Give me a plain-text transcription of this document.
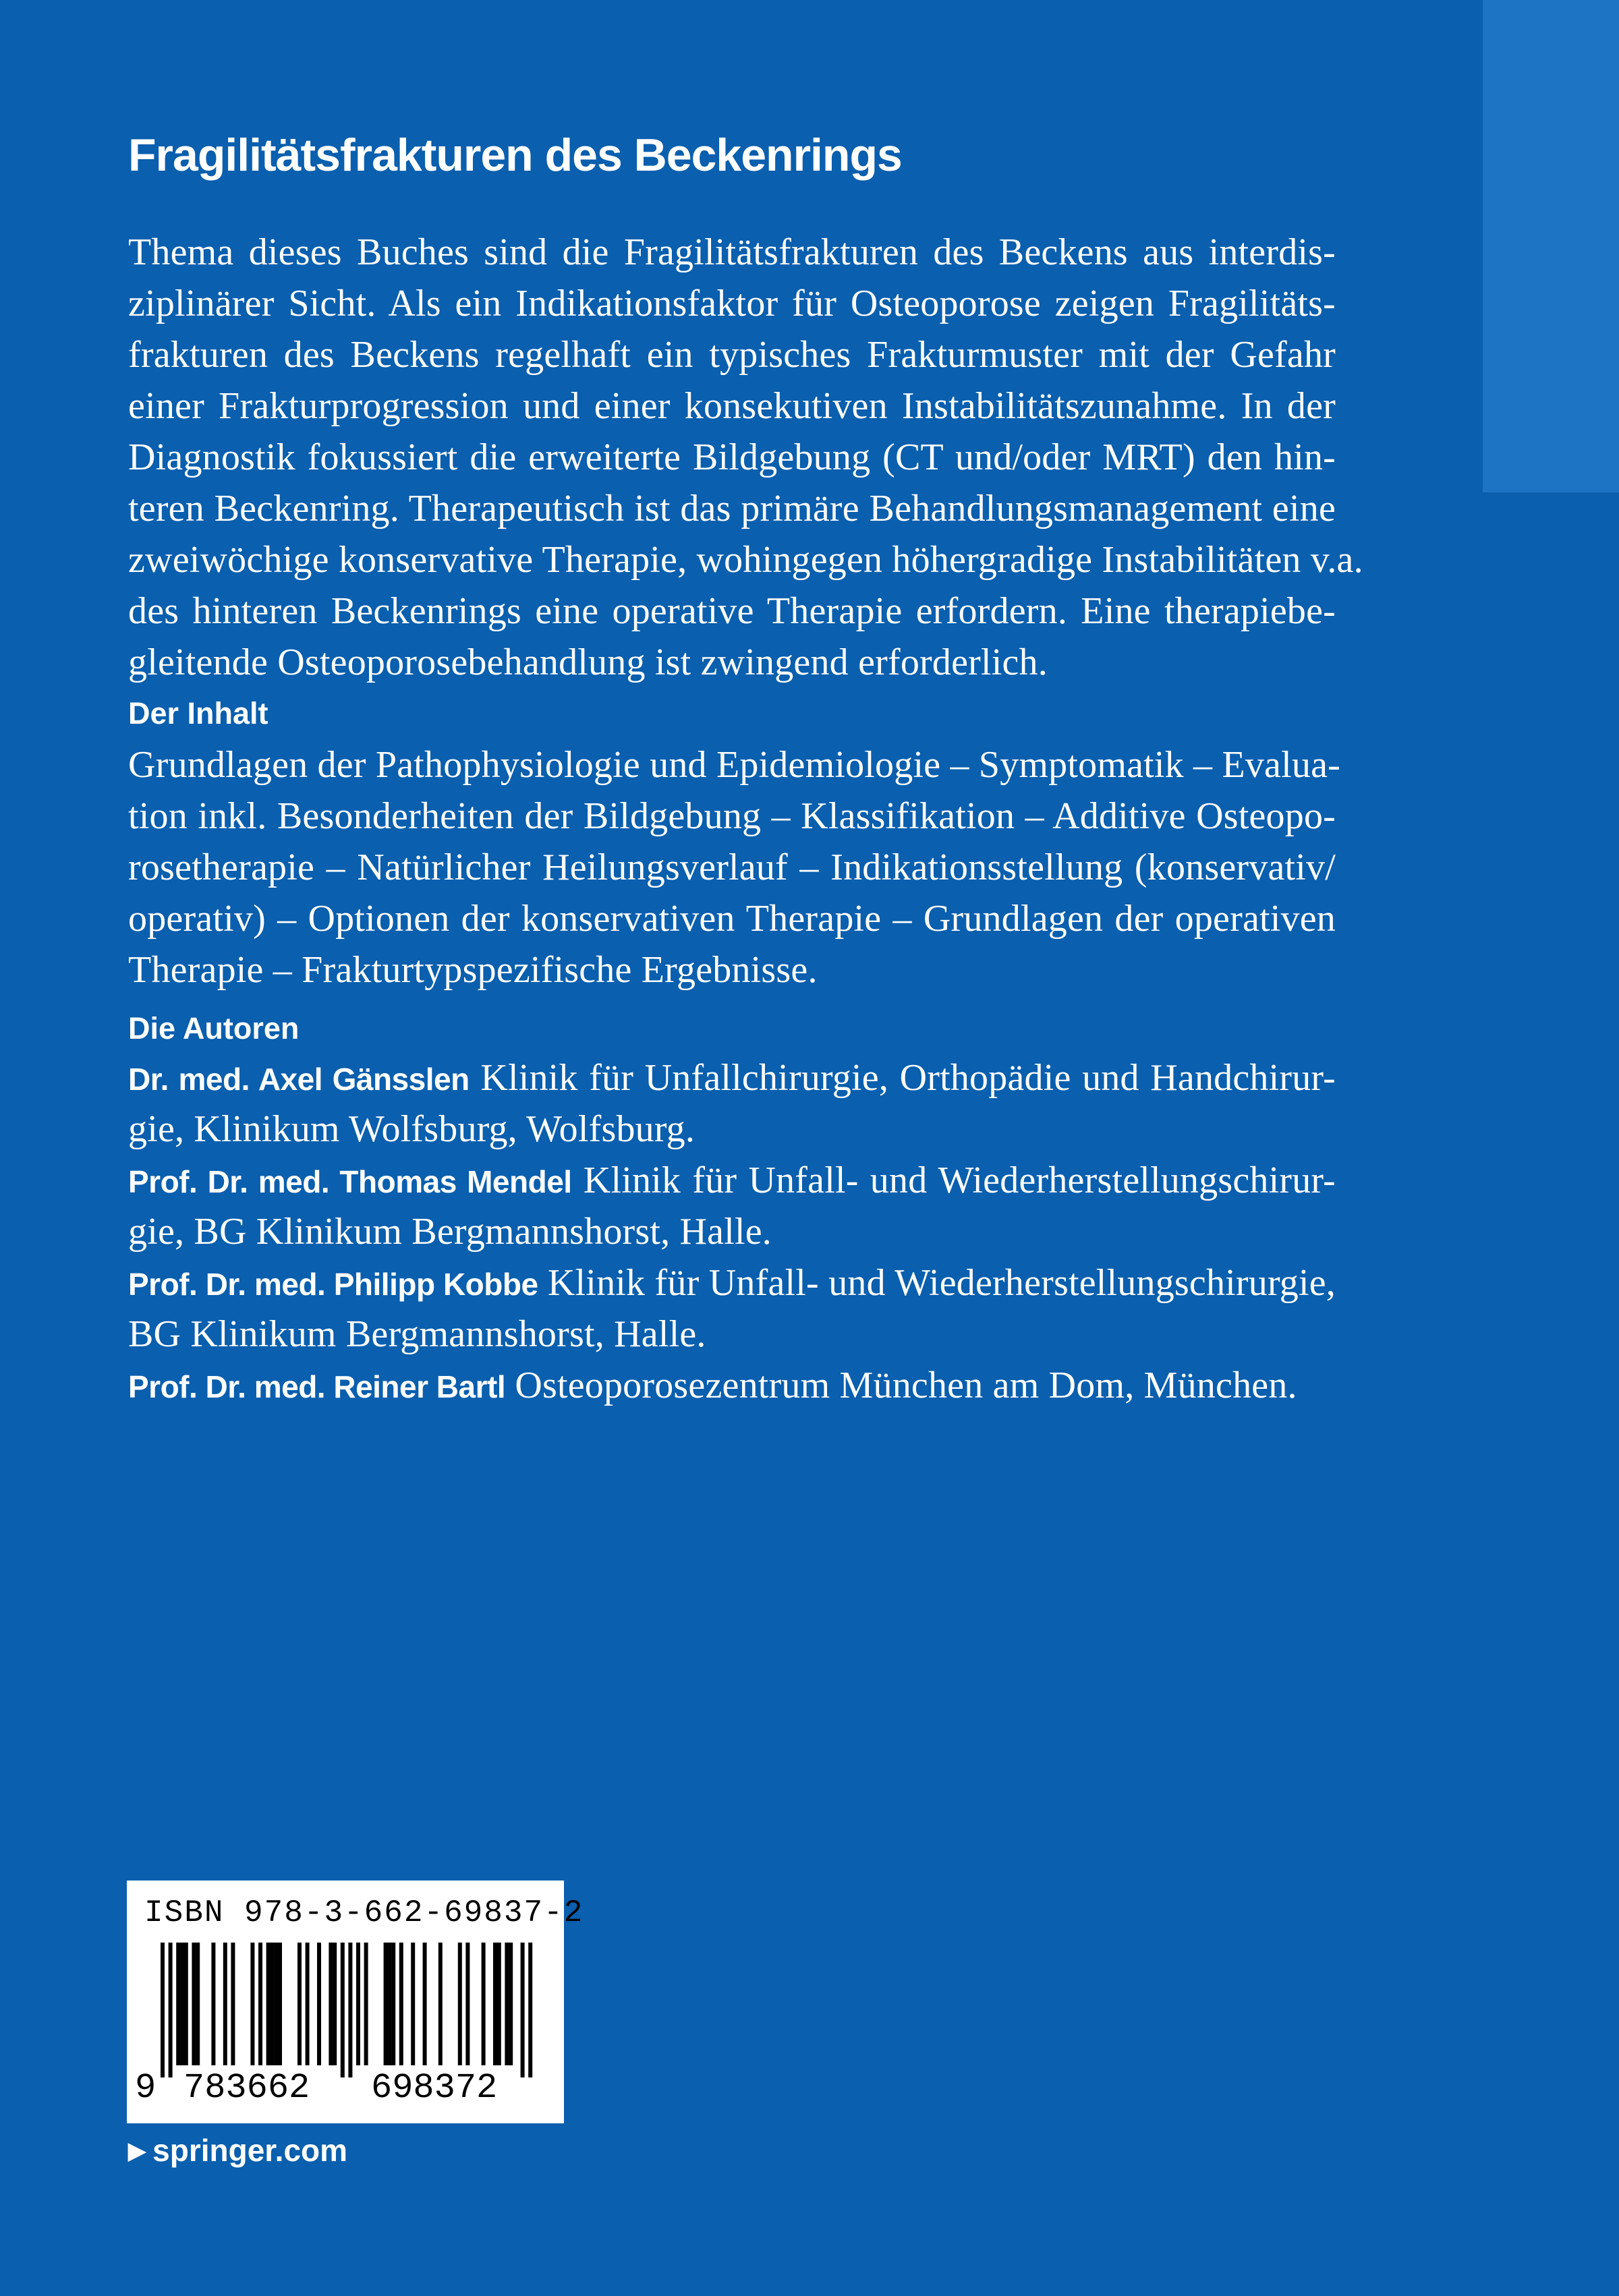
Fragilitätsfrakturen des Beckenrings
Thema dieses Buches sind die Fragilitätsfrakturen des Beckens aus interdis-
ziplinärer Sicht. Als ein Indikationsfaktor für Osteoporose zeigen Fragilitäts-
frakturen des Beckens regelhaft ein typisches Frakturmuster mit der Gefahr
einer Frakturprogression und einer konsekutiven Instabilitätszunahme. In der
Diagnostik fokussiert die erweiterte Bildgebung (CT und/oder MRT) den hin-
teren Beckenring. Therapeutisch ist das primäre Behandlungsmanagement eine
zweiwöchige konservative Therapie, wohingegen höhergradige Instabilitäten v.a.
des hinteren Beckenrings eine operative Therapie erfordern. Eine therapiebe-
gleitende Osteoporosebehandlung ist zwingend erforderlich.
Der Inhalt
Grundlagen der Pathophysiologie und Epidemiologie – Symptomatik – Evalua-
tion inkl. Besonderheiten der Bildgebung – Klassifikation – Additive Osteopo-
rosetherapie – Natürlicher Heilungsverlauf – Indikationsstellung (konservativ/
operativ) – Optionen der konservativen Therapie – Grundlagen der operativen
Therapie – Frakturtypspezifische Ergebnisse.
Die Autoren
Dr. med. Axel Gänsslen Klinik für Unfallchirurgie, Orthopädie und Handchirur-
gie, Klinikum Wolfsburg, Wolfsburg.
Prof. Dr. med. Thomas Mendel Klinik für Unfall- und Wiederherstellungschirur-
gie, BG Klinikum Bergmannshorst, Halle.
Prof. Dr. med. Philipp Kobbe Klinik für Unfall- und Wiederherstellungschirurgie,
BG Klinikum Bergmannshorst, Halle.
Prof. Dr. med. Reiner Bartl Osteoporosezentrum München am Dom, München.
ISBN 978-3-662-69837-2
9 783662 698372
▶ springer.com
